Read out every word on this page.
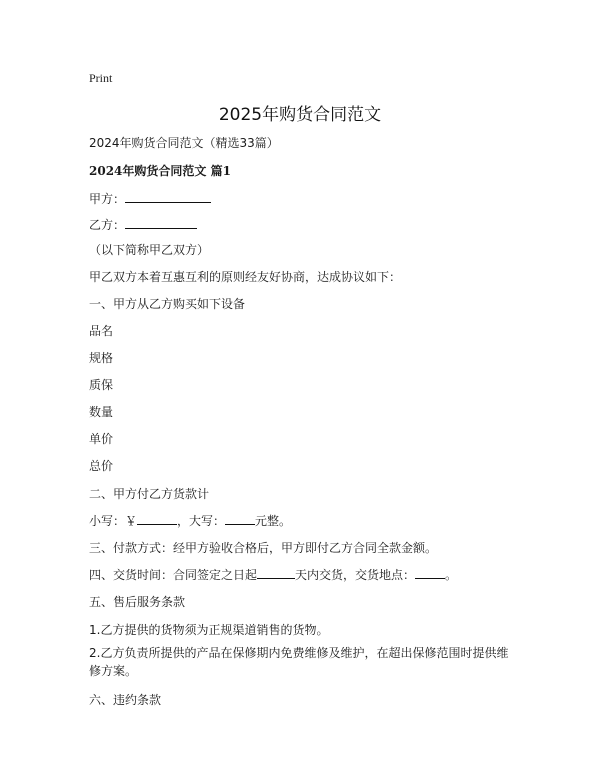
Print
2025年购货合同范文
2024年购货合同范文（精选33篇）
2024年购货合同范文 篇1
甲方：
乙方：
（以下简称甲乙双方）
甲乙双方本着互惠互利的原则经友好协商，达成协议如下：
一、甲方从乙方购买如下设备
品名
规格
质保
数量
单价
总价
二、甲方付乙方货款计
小写：￥	，大写：	元整。
三、付款方式：经甲方验收合格后，甲方即付乙方合同全款金额。
四、交货时间：合同签定之日起	天内交货，交货地点：	。
五、售后服务条款
1.乙方提供的货物须为正规渠道销售的货物。
2.乙方负责所提供的产品在保修期内免费维修及维护，在超出保修范围时提供维修方案。
六、违约条款
